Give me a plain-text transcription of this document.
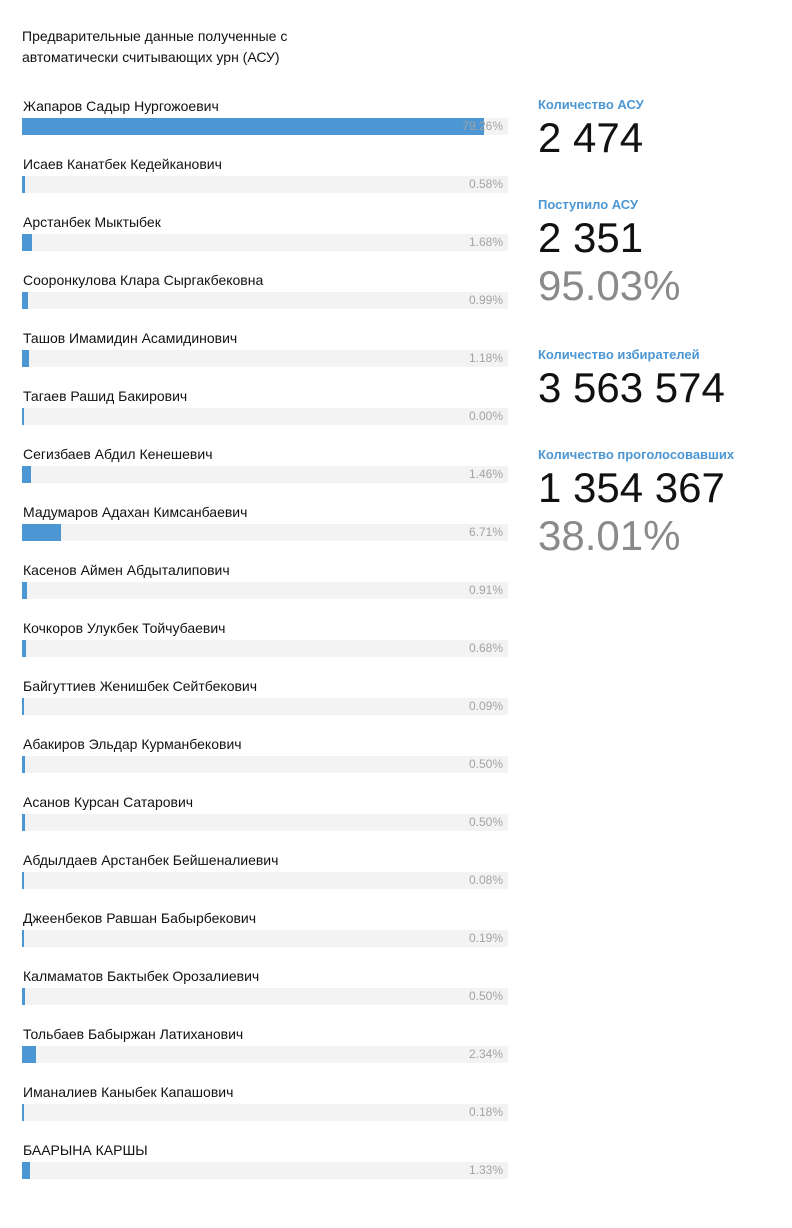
Предварительные данные полученные с автоматически считывающих урн (АСУ)
Жапаров Садыр Нургожоевич
79.26%
Исаев Канатбек Кедейканович
0.58%
Арстанбек Мыктыбек
1.68%
Сооронкулова Клара Сыргакбековна
0.99%
Ташов Имамидин Асамидинович
1.18%
Тагаев Рашид Бакирович
0.00%
Сегизбаев Абдил Кенешевич
1.46%
Мадумаров Адахан Кимсанбаевич
6.71%
Касенов Аймен Абдыталипович
0.91%
Кочкоров Улукбек Тойчубаевич
0.68%
Байгуттиев Женишбек Сейтбекович
0.09%
Абакиров Эльдар Курманбекович
0.50%
Асанов Курсан Сатарович
0.50%
Абдылдаев Арстанбек Бейшеналиевич
0.08%
Джеенбеков Равшан Бабырбекович
0.19%
Калмаматов Бактыбек Орозалиевич
0.50%
Тольбаев Бабыржан Латиханович
2.34%
Иманалиев Каныбек Капашович
0.18%
БААРЫНА КАРШЫ
1.33%
Количество АСУ
2 474
Поступило АСУ
2 351
95.03%
Количество избирателей
3 563 574
Количество проголосовавших
1 354 367
38.01%
